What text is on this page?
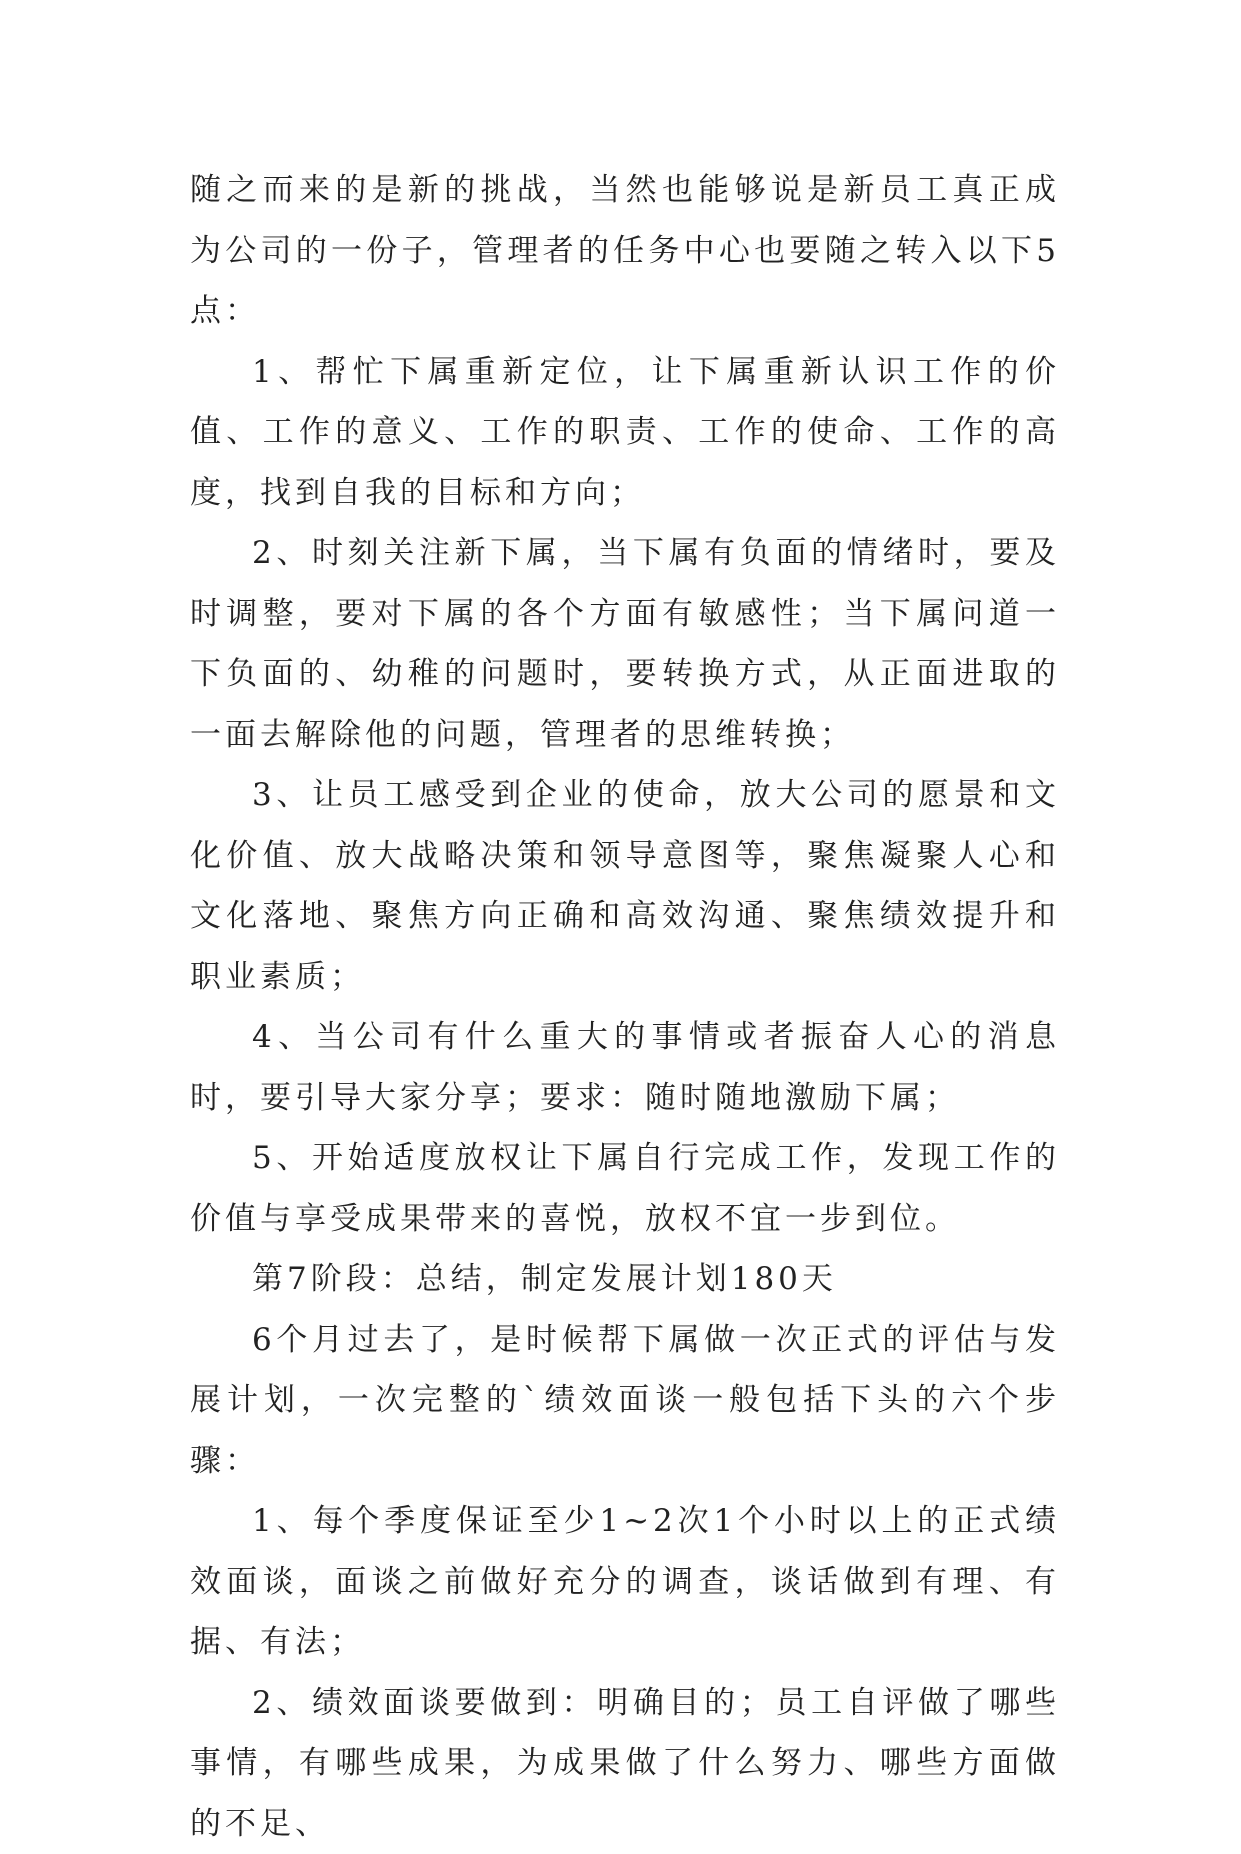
随之而来的是新的挑战，当然也能够说是新员工真正成为公司的一份子，管理者的任务中心也要随之转入以下5点：

1、帮忙下属重新定位，让下属重新认识工作的价值、工作的意义、工作的职责、工作的使命、工作的高度，找到自我的目标和方向；

2、时刻关注新下属，当下属有负面的情绪时，要及时调整，要对下属的各个方面有敏感性；当下属问道一下负面的、幼稚的问题时，要转换方式，从正面进取的一面去解除他的问题，管理者的思维转换；

3、让员工感受到企业的使命，放大公司的愿景和文化价值、放大战略决策和领导意图等，聚焦凝聚人心和文化落地、聚焦方向正确和高效沟通、聚焦绩效提升和职业素质；

4、当公司有什么重大的事情或者振奋人心的消息时，要引导大家分享；要求：随时随地激励下属；

5、开始适度放权让下属自行完成工作，发现工作的价值与享受成果带来的喜悦，放权不宜一步到位。

第7阶段：总结，制定发展计划180天

6个月过去了，是时候帮下属做一次正式的评估与发展计划，一次完整的`绩效面谈一般包括下头的六个步骤：

1、每个季度保证至少1~2次1个小时以上的正式绩效面谈，面谈之前做好充分的调查，谈话做到有理、有据、有法；

2、绩效面谈要做到：明确目的；员工自评做了哪些事情，有哪些成果，为成果做了什么努力、哪些方面做的不足、
